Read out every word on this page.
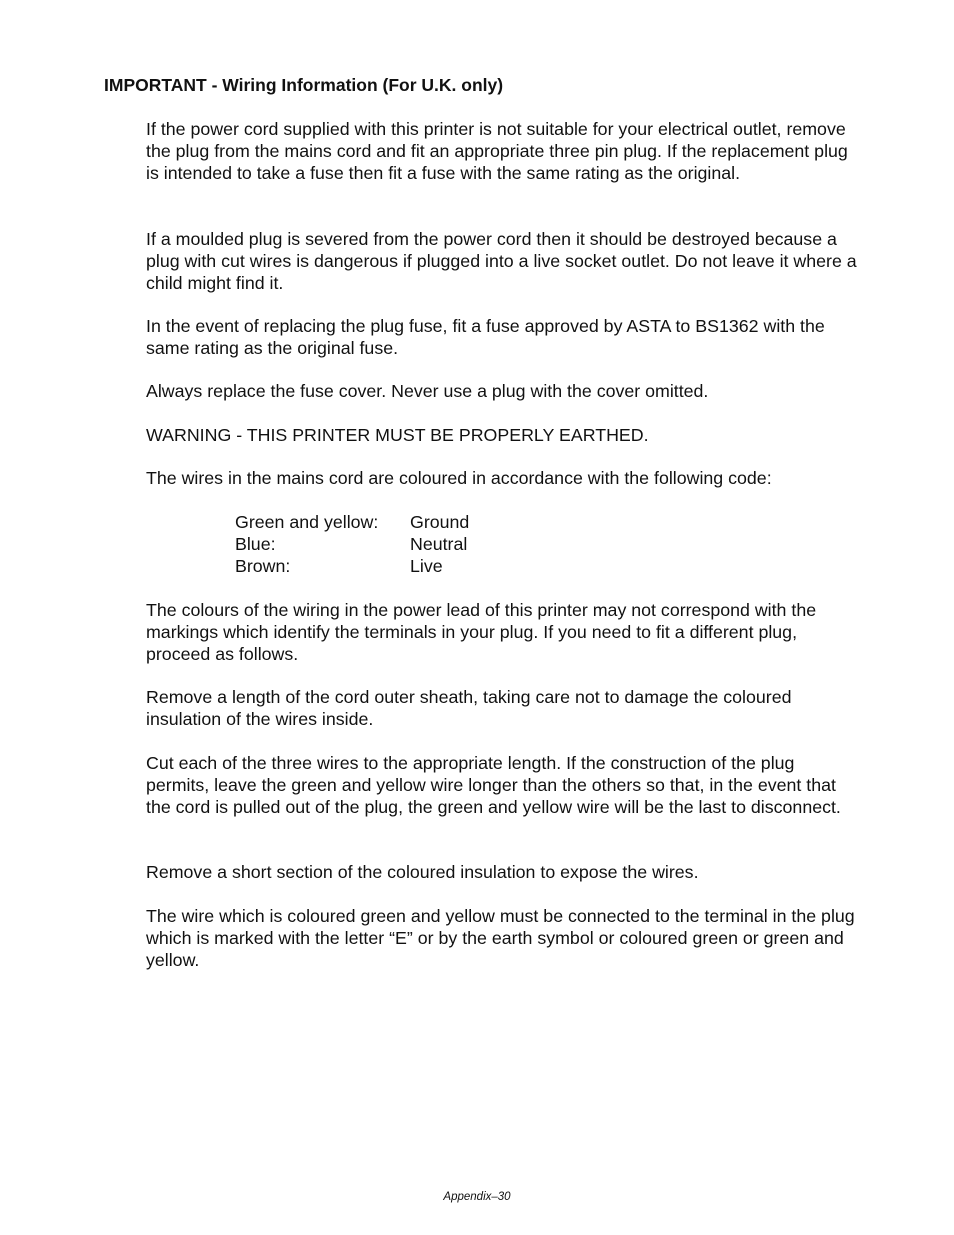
IMPORTANT - Wiring Information (For U.K. only)

If the power cord supplied with this printer is not suitable for your electrical outlet, remove the plug from the mains cord and fit an appropriate three pin plug. If the replacement plug is intended to take a fuse then fit a fuse with the same rating as the original.

If a moulded plug is severed from the power cord then it should be destroyed because a plug with cut wires is dangerous if plugged into a live socket outlet. Do not leave it where a child might find it.

In the event of replacing the plug fuse, fit a fuse approved by ASTA to BS1362 with the same rating as the original fuse.

Always replace the fuse cover. Never use a plug with the cover omitted.

WARNING - THIS PRINTER MUST BE PROPERLY EARTHED.

The wires in the mains cord are coloured in accordance with the following code:

Green and yellow:	Ground
Blue:	Neutral
Brown:	Live

The colours of the wiring in the power lead of this printer may not correspond with the markings which identify the terminals in your plug. If you need to fit a different plug, proceed as follows.

Remove a length of the cord outer sheath, taking care not to damage the coloured insulation of the wires inside.

Cut each of the three wires to the appropriate length. If the construction of the plug permits, leave the green and yellow wire longer than the others so that, in the event that the cord is pulled out of the plug, the green and yellow wire will be the last to disconnect.

Remove a short section of the coloured insulation to expose the wires.

The wire which is coloured green and yellow must be connected to the terminal in the plug which is marked with the letter “E” or by the earth symbol or coloured green or green and yellow.

Appendix–30
